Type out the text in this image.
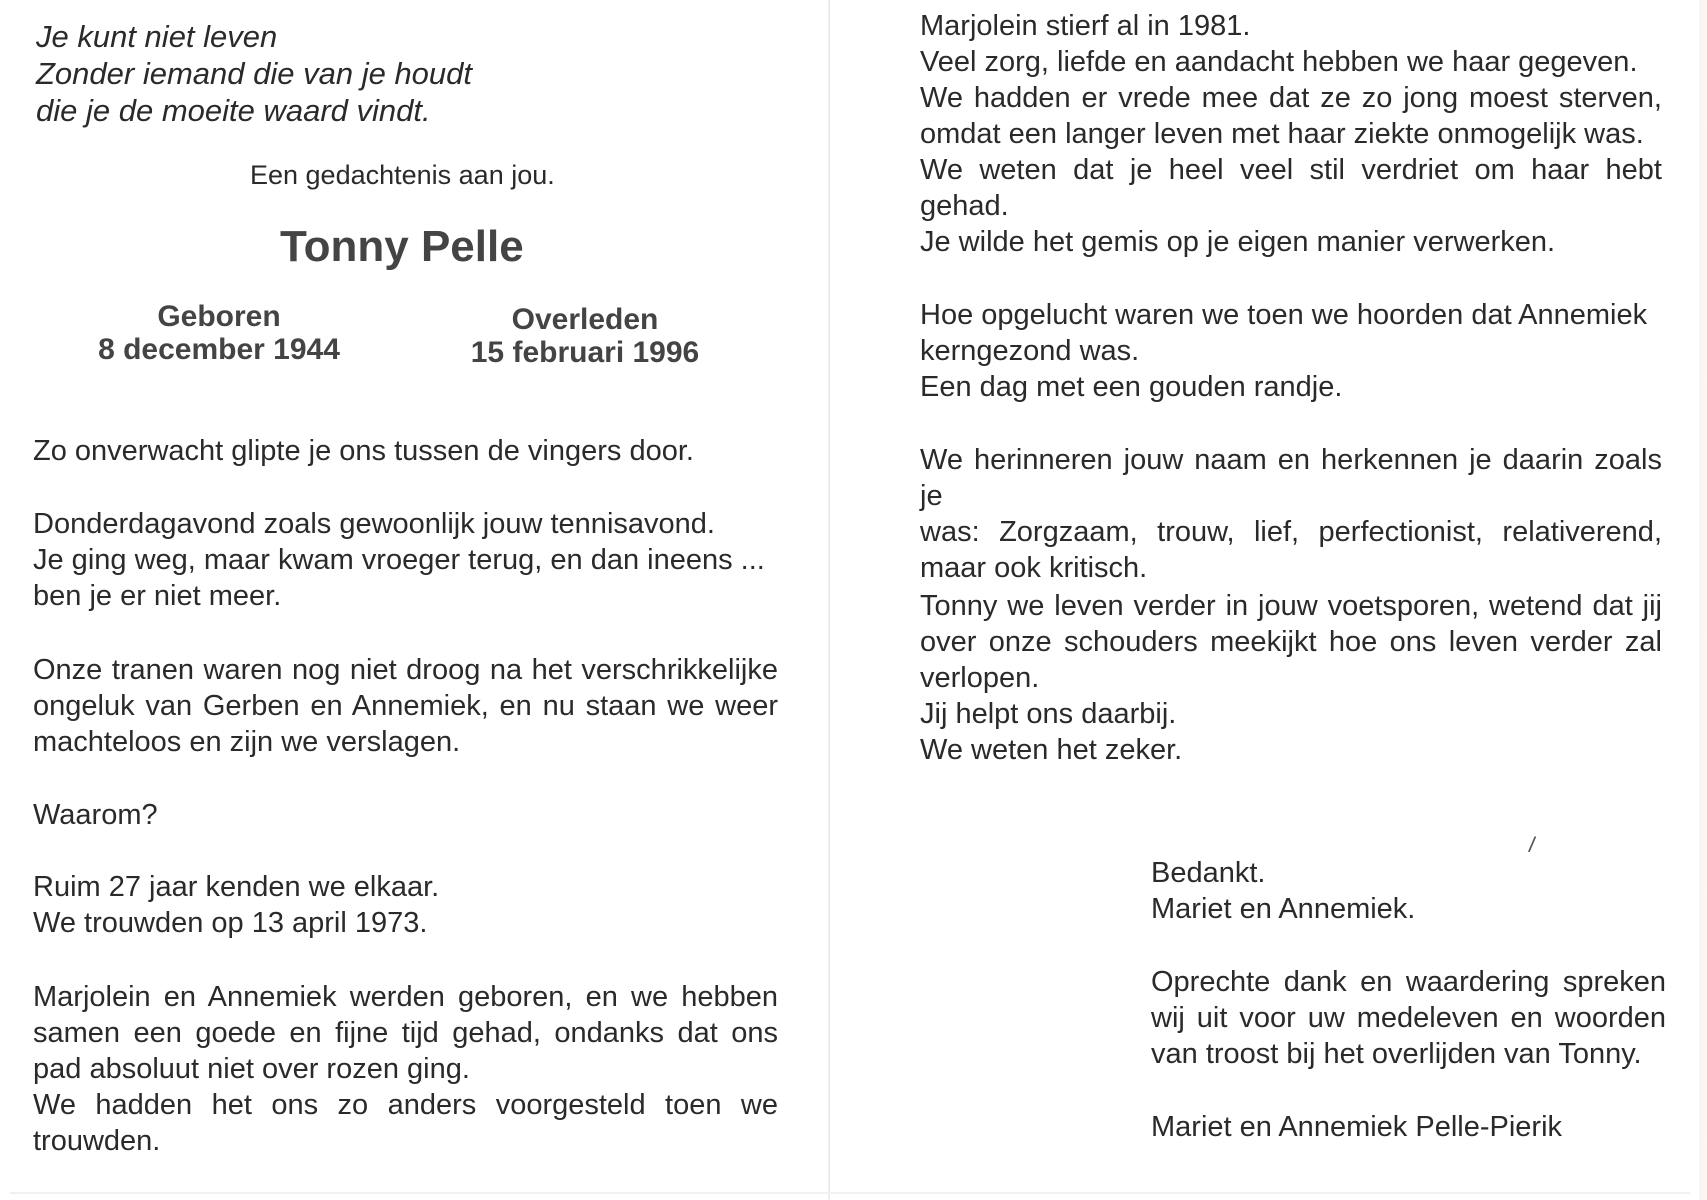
Je kunt niet leven
Zonder iemand die van je houdt
die je de moeite waard vindt.
Een gedachtenis aan jou.
Tonny Pelle
Geboren
8 december 1944
Overleden
15 februari 1996
Zo onverwacht glipte je ons tussen de vingers door.
Donderdagavond zoals gewoonlijk jouw tennisavond.
Je ging weg, maar kwam vroeger terug, en dan ineens ...
ben je er niet meer.
Onze tranen waren nog niet droog na het verschrikkelijke
ongeluk van Gerben en Annemiek, en nu staan we weer
machteloos en zijn we verslagen.
Waarom?
Ruim 27 jaar kenden we elkaar.
We trouwden op 13 april 1973.
Marjolein en Annemiek werden geboren, en we hebben
samen een goede en fijne tijd gehad, ondanks dat ons
pad absoluut niet over rozen ging.
We hadden het ons zo anders voorgesteld toen we
trouwden.
Marjolein stierf al in 1981.
Veel zorg, liefde en aandacht hebben we haar gegeven.
We hadden er vrede mee dat ze zo jong moest sterven,
omdat een langer leven met haar ziekte onmogelijk was.
We weten dat je heel veel stil verdriet om haar hebt
gehad.
Je wilde het gemis op je eigen manier verwerken.
Hoe opgelucht waren we toen we hoorden dat Annemiek
kerngezond was.
Een dag met een gouden randje.
We herinneren jouw naam en herkennen je daarin zoals je
was: Zorgzaam, trouw, lief, perfectionist, relativerend,
maar ook kritisch.
Tonny we leven verder in jouw voetsporen, wetend dat jij
over onze schouders meekijkt hoe ons leven verder zal
verlopen.
Jij helpt ons daarbij.
We weten het zeker.
/
Bedankt.
Mariet en Annemiek.
Oprechte dank en waardering spreken
wij uit voor uw medeleven en woorden
van troost bij het overlijden van Tonny.
Mariet en Annemiek Pelle-Pierik
